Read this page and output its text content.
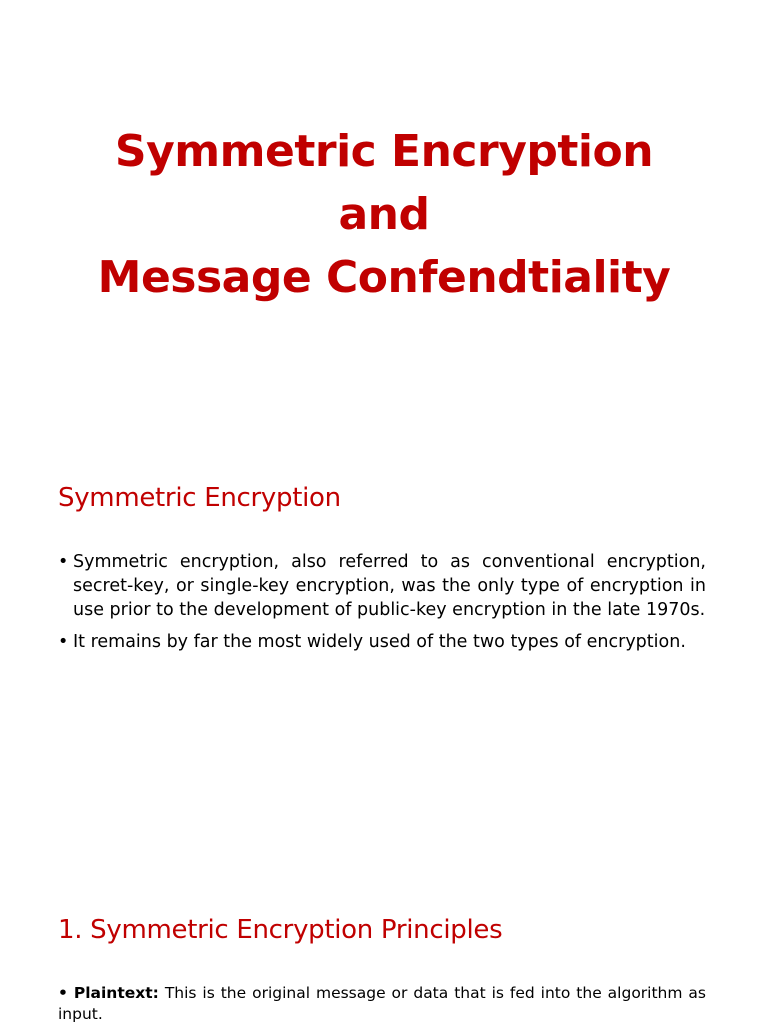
Symmetric Encryption
and
Message Confendtiality
Symmetric Encryption
• Symmetric encryption, also referred to as conventional encryption, secret-key, or single-key encryption, was the only type of encryption in use prior to the development of public-key encryption in the late 1970s.
• It remains by far the most widely used of the two types of encryption.
1. Symmetric Encryption Principles
• Plaintext: This is the original message or data that is fed into the algorithm as input.
